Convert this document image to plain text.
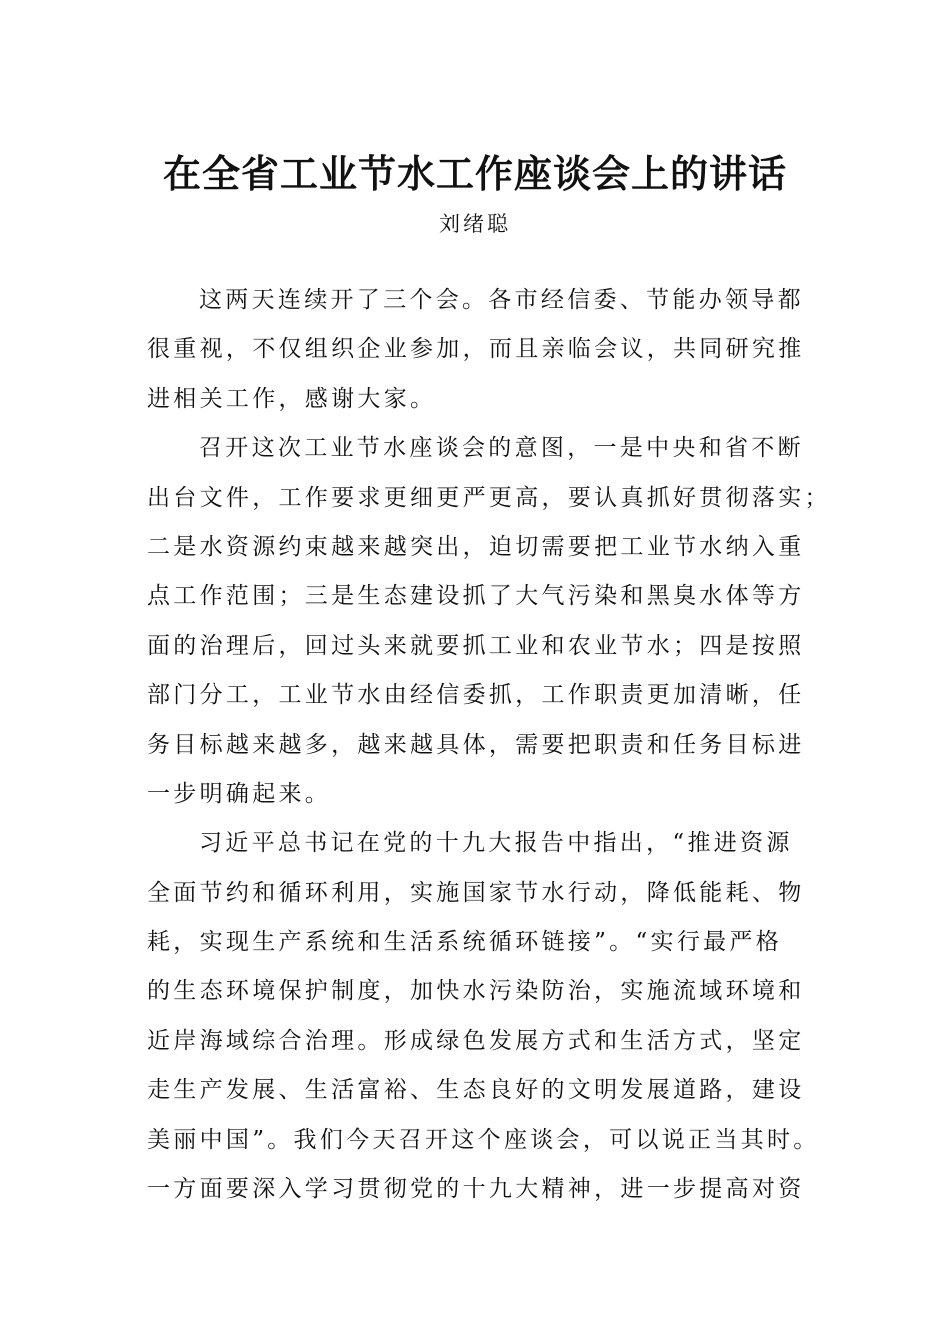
在全省工业节水工作座谈会上的讲话
刘绪聪
这两天连续开了三个会。各市经信委、节能办领导都
很重视，不仅组织企业参加，而且亲临会议，共同研究推
进相关工作，感谢大家。
召开这次工业节水座谈会的意图，一是中央和省不断
出台文件，工作要求更细更严更高，要认真抓好贯彻落实；
二是水资源约束越来越突出，迫切需要把工业节水纳入重
点工作范围；三是生态建设抓了大气污染和黑臭水体等方
面的治理后，回过头来就要抓工业和农业节水；四是按照
部门分工，工业节水由经信委抓，工作职责更加清晰，任
务目标越来越多，越来越具体，需要把职责和任务目标进
一步明确起来。
习近平总书记在党的十九大报告中指出，“推进资源
全面节约和循环利用，实施国家节水行动，降低能耗、物
耗，实现生产系统和生活系统循环链接”。“实行最严格
的生态环境保护制度，加快水污染防治，实施流域环境和
近岸海域综合治理。形成绿色发展方式和生活方式，坚定
走生产发展、生活富裕、生态良好的文明发展道路，建设
美丽中国”。我们今天召开这个座谈会，可以说正当其时。
一方面要深入学习贯彻党的十九大精神，进一步提高对资
